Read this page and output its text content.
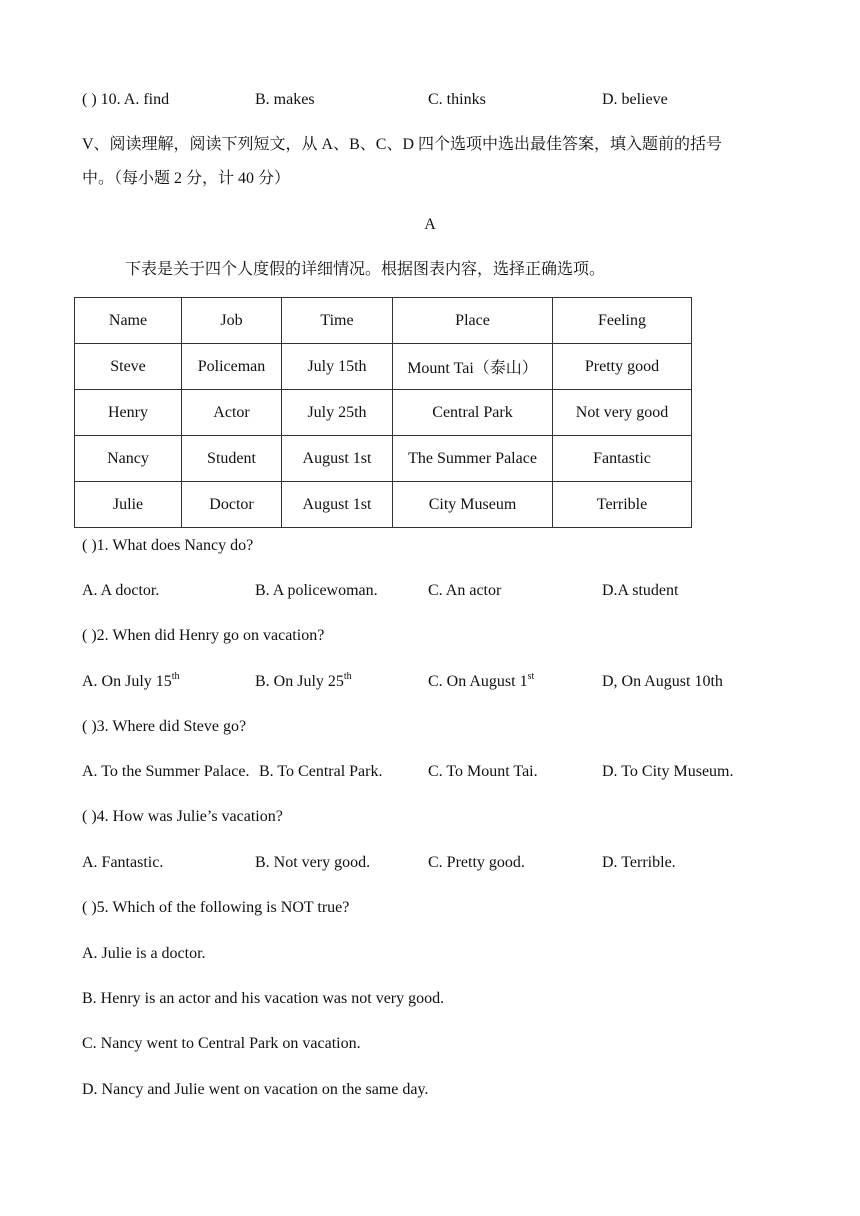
( ) 10. A. find	B. makes	C. thinks	D. believe
V、阅读理解，阅读下列短文，从 A、B、C、D 四个选项中选出最佳答案，填入题前的括号
中。（每小题 2 分，计 40 分）
A
下表是关于四个人度假的详细情况。根据图表内容，选择正确选项。
Name	Job	Time	Place	Feeling
Steve	Policeman	July 15th	Mount Tai（泰山）	Pretty good
Henry	Actor	July 25th	Central Park	Not very good
Nancy	Student	August 1st	The Summer Palace	Fantastic
Julie	Doctor	August 1st	City Museum	Terrible
( )1. What does Nancy do?
A. A doctor.	B. A policewoman.	C. An actor	D.A student
( )2. When did Henry go on vacation?
A. On July 15th	B. On July 25th	C. On August 1st	D, On August 10th
( )3. Where did Steve go?
A. To the Summer Palace. B. To Central Park.	C. To Mount Tai.	D. To City Museum.
( )4. How was Julie’s vacation?
A. Fantastic.	B. Not very good.	C. Pretty good.	D. Terrible.
( )5. Which of the following is NOT true?
A. Julie is a doctor.
B. Henry is an actor and his vacation was not very good.
C. Nancy went to Central Park on vacation.
D. Nancy and Julie went on vacation on the same day.
